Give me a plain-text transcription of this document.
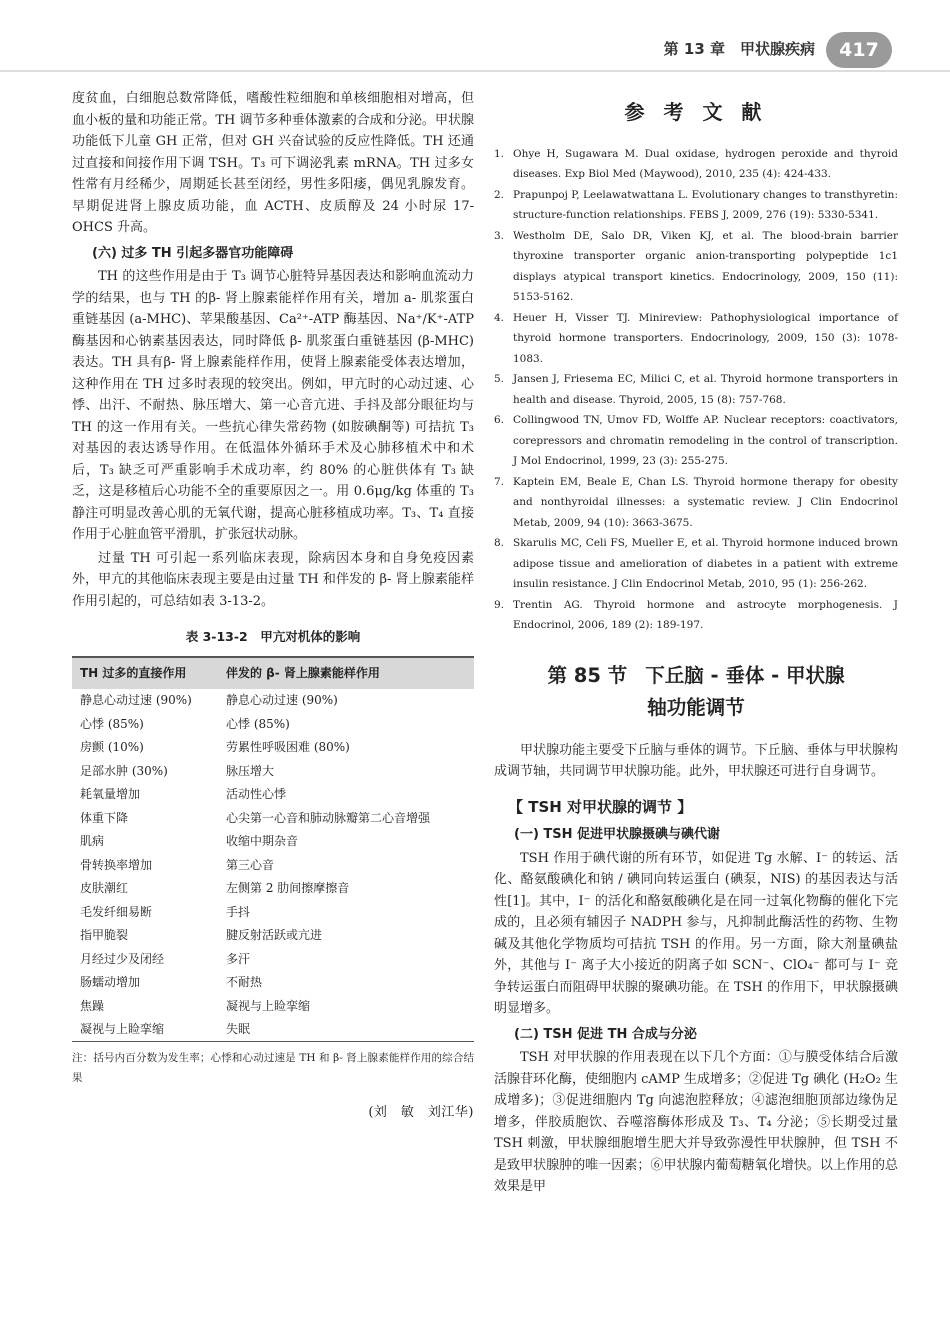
第 13 章　甲状腺疾病	417

度贫血，白细胞总数常降低，嗜酸性粒细胞和单核细胞相对增高，但血小板的量和功能正常。TH 调节多种垂体激素的合成和分泌。甲状腺功能低下儿童 GH 正常，但对 GH 兴奋试验的反应性降低。TH 还通过直接和间接作用下调 TSH。T₃ 可下调泌乳素 mRNA。TH 过多女性常有月经稀少，周期延长甚至闭经，男性多阳痿，偶见乳腺发育。早期促进肾上腺皮质功能，血 ACTH、皮质醇及 24 小时尿 17-OHCS 升高。

(六) 过多 TH 引起多器官功能障碍

TH 的这些作用是由于 T₃ 调节心脏特异基因表达和影响血流动力学的结果，也与 TH 的β- 肾上腺素能样作用有关，增加 a- 肌浆蛋白重链基因 (a-MHC)、苹果酸基因、Ca²⁺-ATP 酶基因、Na⁺/K⁺-ATP 酶基因和心钠素基因表达，同时降低 β- 肌浆蛋白重链基因 (β-MHC) 表达。TH 具有β- 肾上腺素能样作用，使肾上腺素能受体表达增加，这种作用在 TH 过多时表现的较突出。例如，甲亢时的心动过速、心悸、出汗、不耐热、脉压增大、第一心音亢进、手抖及部分眼征均与 TH 的这一作用有关。一些抗心律失常药物 (如胺碘酮等) 可拮抗 T₃ 对基因的表达诱导作用。在低温体外循环手术及心肺移植术中和术后，T₃ 缺乏可严重影响手术成功率，约 80% 的心脏供体有 T₃ 缺乏，这是移植后心功能不全的重要原因之一。用 0.6μg/kg 体重的 T₃ 静注可明显改善心肌的无氧代谢，提高心脏移植成功率。T₃、T₄ 直接作用于心脏血管平滑肌，扩张冠状动脉。

过量 TH 可引起一系列临床表现，除病因本身和自身免疫因素外，甲亢的其他临床表现主要是由过量 TH 和伴发的 β- 肾上腺素能样作用引起的，可总结如表 3-13-2。

表 3-13-2　甲亢对机体的影响
TH 过多的直接作用	伴发的 β- 肾上腺素能样作用
静息心动过速 (90%)	静息心动过速 (90%)
心悸 (85%)	心悸 (85%)
房颤 (10%)	劳累性呼吸困难 (80%)
足部水肿 (30%)	脉压增大
耗氧量增加	活动性心悸
体重下降	心尖第一心音和肺动脉瓣第二心音增强
肌病	收缩中期杂音
骨转换率增加	第三心音
皮肤潮红	左侧第 2 肋间擦摩擦音
毛发纤细易断	手抖
指甲脆裂	腱反射活跃或亢进
月经过少及闭经	多汗
肠蠕动增加	不耐热
焦躁	凝视与上睑挛缩
凝视与上睑挛缩	失眠
注：括号内百分数为发生率；心悸和心动过速是 TH 和 β- 肾上腺素能样作用的综合结果
(刘　敏　刘江华)
参 考 文 献
1. Ohye H, Sugawara M. Dual oxidase, hydrogen peroxide and thyroid diseases. Exp Biol Med (Maywood), 2010, 235 (4): 424-433.
2. Prapunpoj P, Leelawatwattana L. Evolutionary changes to transthyretin: structure-function relationships. FEBS J, 2009, 276 (19): 5330-5341.
3. Westholm DE, Salo DR, Viken KJ, et al. The blood-brain barrier thyroxine transporter organic anion-transporting polypeptide 1c1 displays atypical transport kinetics. Endocrinology, 2009, 150 (11): 5153-5162.
4. Heuer H, Visser TJ. Minireview: Pathophysiological importance of thyroid hormone transporters. Endocrinology, 2009, 150 (3): 1078-1083.
5. Jansen J, Friesema EC, Milici C, et al. Thyroid hormone transporters in health and disease. Thyroid, 2005, 15 (8): 757-768.
6. Collingwood TN, Umov FD, Wolffe AP. Nuclear receptors: coactivators, corepressors and chromatin remodeling in the control of transcription. J Mol Endocrinol, 1999, 23 (3): 255-275.
7. Kaptein EM, Beale E, Chan LS. Thyroid hormone therapy for obesity and nonthyroidal illnesses: a systematic review. J Clin Endocrinol Metab, 2009, 94 (10): 3663-3675.
8. Skarulis MC, Celi FS, Mueller E, et al. Thyroid hormone induced brown adipose tissue and amelioration of diabetes in a patient with extreme insulin resistance. J Clin Endocrinol Metab, 2010, 95 (1): 256-262.
9. Trentin AG. Thyroid hormone and astrocyte morphogenesis. J Endocrinol, 2006, 189 (2): 189-197.
第 85 节 下丘脑 - 垂体 - 甲状腺
轴功能调节

甲状腺功能主要受下丘脑与垂体的调节。下丘脑、垂体与甲状腺构成调节轴，共同调节甲状腺功能。此外，甲状腺还可进行自身调节。

【 TSH 对甲状腺的调节 】
(一) TSH 促进甲状腺摄碘与碘代谢

TSH 作用于碘代谢的所有环节，如促进 Tg 水解、I⁻ 的转运、活化、酪氨酸碘化和钠 / 碘同向转运蛋白 (碘泵，NIS) 的基因表达与活性[1]。其中，I⁻ 的活化和酪氨酸碘化是在同一过氧化物酶的催化下完成的，且必须有辅因子 NADPH 参与，凡抑制此酶活性的药物、生物碱及其他化学物质均可拮抗 TSH 的作用。另一方面，除大剂量碘盐外，其他与 I⁻ 离子大小接近的阴离子如 SCN⁻、ClO₄⁻ 都可与 I⁻ 竞争转运蛋白而阻碍甲状腺的聚碘功能。在 TSH 的作用下，甲状腺摄碘明显增多。

(二) TSH 促进 TH 合成与分泌

TSH 对甲状腺的作用表现在以下几个方面：①与膜受体结合后激活腺苷环化酶，使细胞内 cAMP 生成增多；②促进 Tg 碘化 (H₂O₂ 生成增多)；③促进细胞内 Tg 向滤泡腔释放；④滤泡细胞顶部边缘伪足增多，伴胶质胞饮、吞噬溶酶体形成及 T₃、T₄ 分泌；⑤长期受过量 TSH 刺激，甲状腺细胞增生肥大并导致弥漫性甲状腺肿，但 TSH 不是致甲状腺肿的唯一因素；⑥甲状腺内葡萄糖氧化增快。以上作用的总效果是甲
